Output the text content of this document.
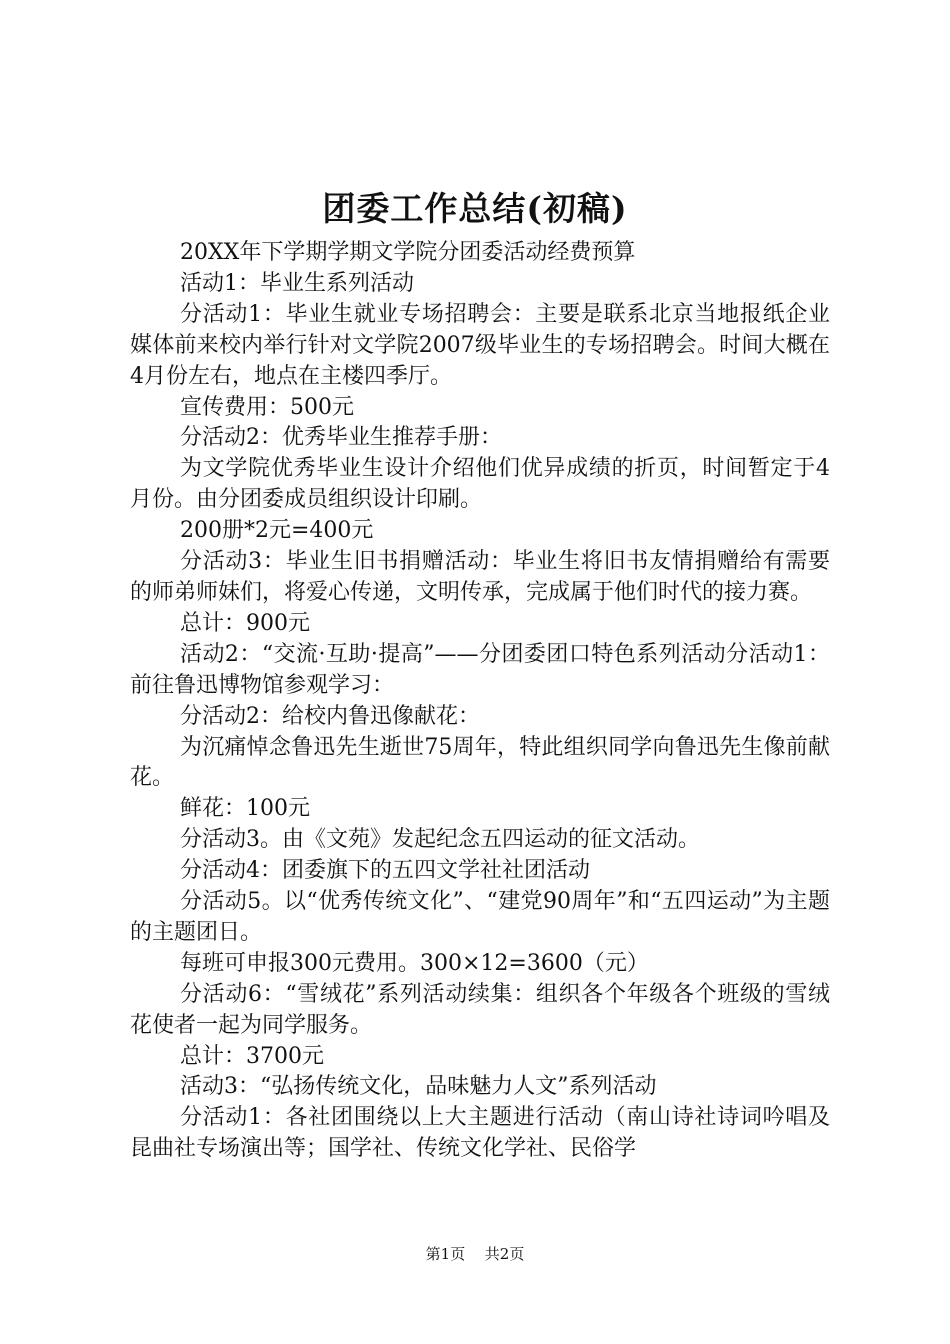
团委工作总结(初稿)

20XX年下学期学期文学院分团委活动经费预算

活动1：毕业生系列活动

分活动1：毕业生就业专场招聘会：主要是联系北京当地报纸企业媒体前来校内举行针对文学院2007级毕业生的专场招聘会。时间大概在4月份左右，地点在主楼四季厅。

宣传费用：500元

分活动2：优秀毕业生推荐手册：

为文学院优秀毕业生设计介绍他们优异成绩的折页，时间暂定于4月份。由分团委成员组织设计印刷。

200册*2元=400元

分活动3：毕业生旧书捐赠活动：毕业生将旧书友情捐赠给有需要的师弟师妹们，将爱心传递，文明传承，完成属于他们时代的接力赛。

总计：900元

活动2：“交流·互助·提高”——分团委团口特色系列活动分活动1：前往鲁迅博物馆参观学习：

分活动2：给校内鲁迅像献花：

为沉痛悼念鲁迅先生逝世75周年，特此组织同学向鲁迅先生像前献花。

鲜花：100元

分活动3。由《文苑》发起纪念五四运动的征文活动。

分活动4：团委旗下的五四文学社社团活动

分活动5。以“优秀传统文化”、“建党90周年”和“五四运动”为主题的主题团日。

每班可申报300元费用。300×12=3600（元）

分活动6：“雪绒花”系列活动续集：组织各个年级各个班级的雪绒花使者一起为同学服务。

总计：3700元

活动3：“弘扬传统文化，品味魅力人文”系列活动

分活动1：各社团围绕以上大主题进行活动（南山诗社诗词吟唱及昆曲社专场演出等；国学社、传统文化学社、民俗学

第1页 共2页
